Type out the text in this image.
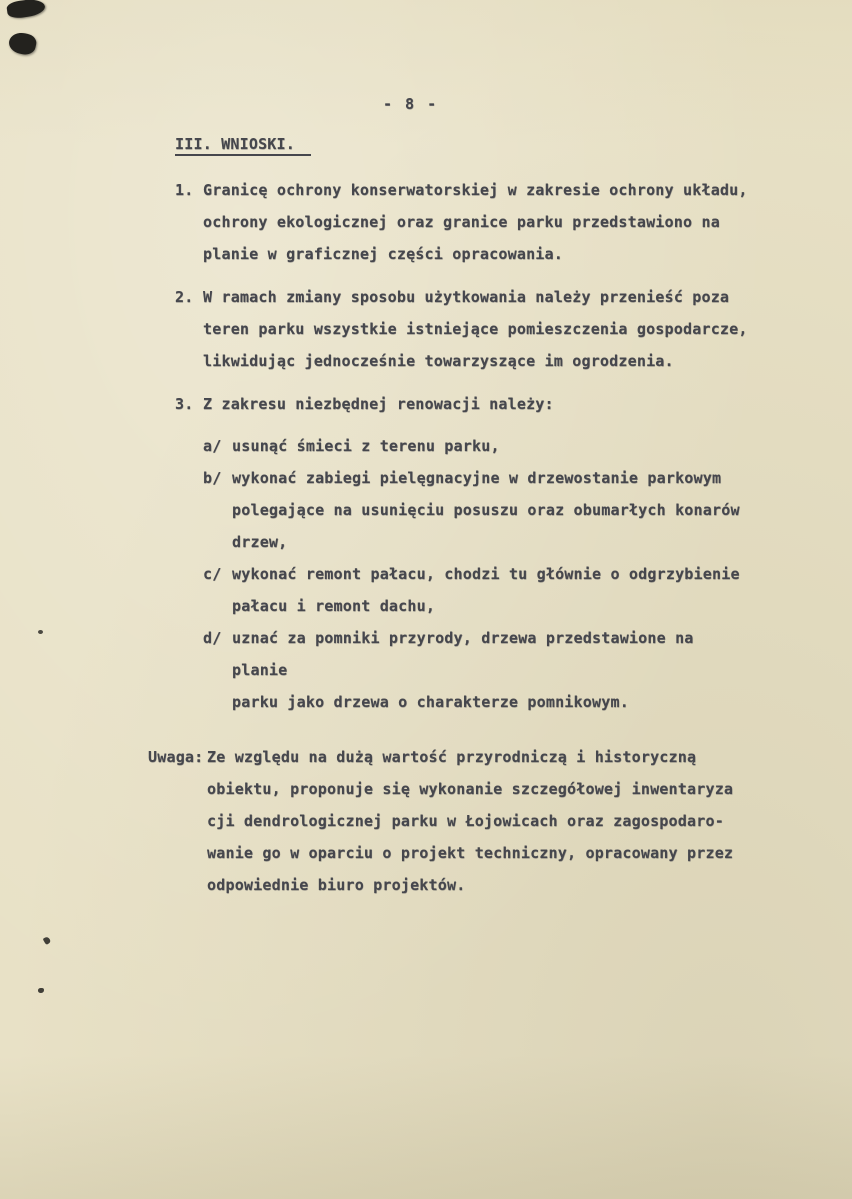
- 8 -
III. WNIOSKI.
1. Granicę ochrony konserwatorskiej w zakresie ochrony układu,
ochrony ekologicznej oraz granice parku przedstawiono na
planie w graficznej części opracowania.
2. W ramach zmiany sposobu użytkowania należy przenieść poza
teren parku wszystkie istniejące pomieszczenia gospodarcze,
likwidując jednocześnie towarzyszące im ogrodzenia.
3. Z zakresu niezbędnej renowacji należy:
a/ usunąć śmieci z terenu parku,
b/ wykonać zabiegi pielęgnacyjne w drzewostanie parkowym
polegające na usunięciu posuszu oraz obumarłych konarów
drzew,
c/ wykonać remont pałacu, chodzi tu głównie o odgrzybienie
pałacu i remont dachu,
d/ uznać za pomniki przyrody, drzewa przedstawione na planie
parku jako drzewa o charakterze pomnikowym.
Uwaga: Ze względu na dużą wartość przyrodniczą i historyczną
obiektu, proponuje się wykonanie szczegółowej inwentaryza
cji dendrologicznej parku w Łojowicach oraz zagospodaro-
wanie go w oparciu o projekt techniczny, opracowany przez
odpowiednie biuro projektów.
